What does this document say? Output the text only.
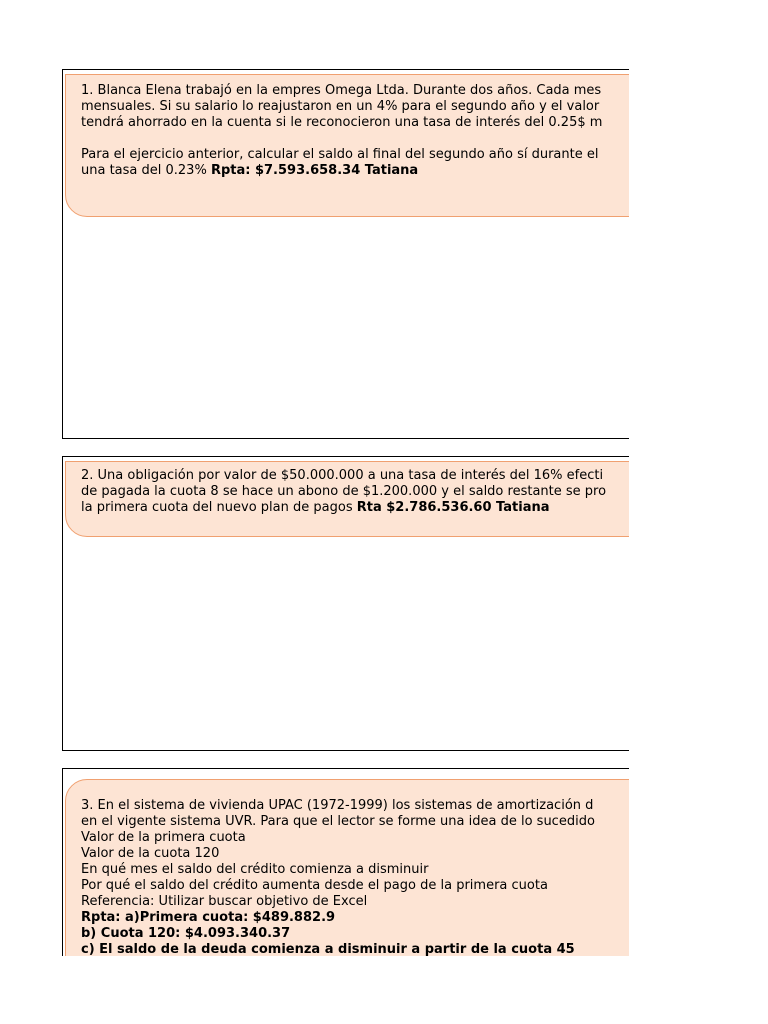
1. Blanca Elena trabajó en la empres Omega Ltda. Durante dos años. Cada mes
mensuales. Si su salario lo reajustaron en un 4% para el segundo año y el valor
tendrá ahorrado en la cuenta si le reconocieron una tasa de interés del 0.25$ m
Para el ejercicio anterior, calcular el saldo al final del segundo año sí durante el
una tasa del 0.23% Rpta: $7.593.658.34 Tatiana
2. Una obligación por valor de $50.000.000 a una tasa de interés del 16% efecti
de pagada la cuota 8 se hace un abono de $1.200.000 y el saldo restante se pro
la primera cuota del nuevo plan de pagos Rta $2.786.536.60 Tatiana
3. En el sistema de vivienda UPAC (1972-1999) los sistemas de amortización d
en el vigente sistema UVR. Para que el lector se forme una idea de lo sucedido
Valor de la primera cuota
Valor de la cuota 120
En qué mes el saldo del crédito comienza a disminuir
Por qué el saldo del crédito aumenta desde el pago de la primera cuota
Referencia: Utilizar buscar objetivo de Excel
Rpta: a)Primera cuota: $489.882.9
b) Cuota 120: $4.093.340.37
c) El saldo de la deuda comienza a disminuir a partir de la cuota 45
